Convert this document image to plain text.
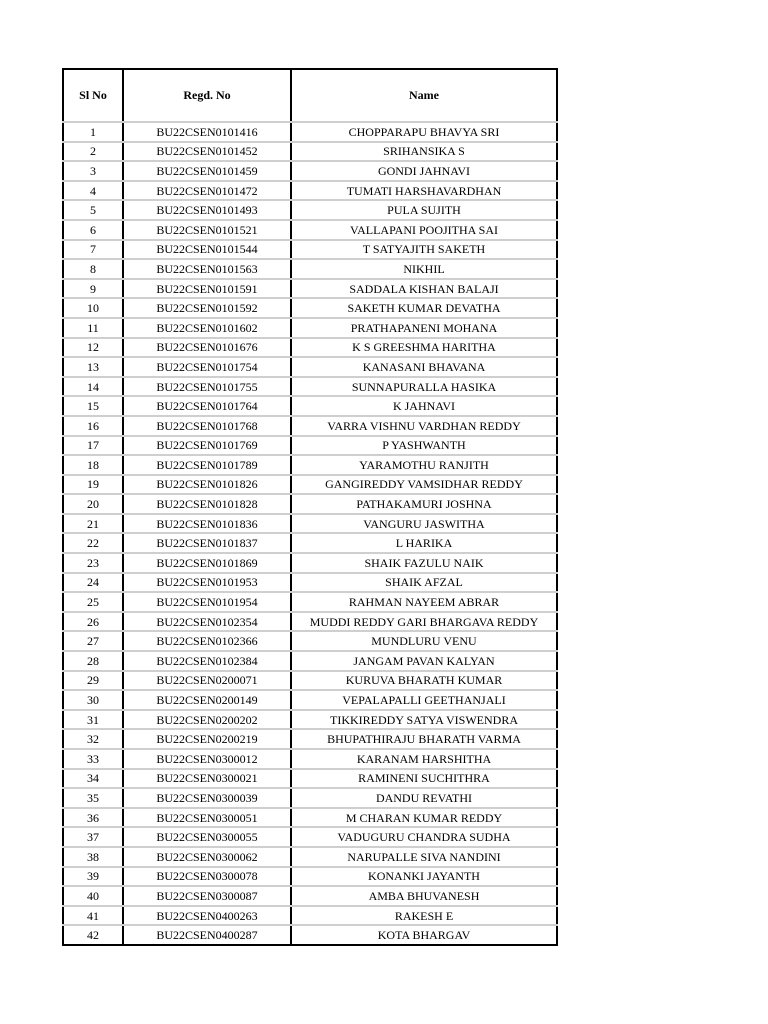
Sl No	Regd. No	Name
1	BU22CSEN0101416	CHOPPARAPU BHAVYA SRI
2	BU22CSEN0101452	SRIHANSIKA S
3	BU22CSEN0101459	GONDI JAHNAVI
4	BU22CSEN0101472	TUMATI HARSHAVARDHAN
5	BU22CSEN0101493	PULA SUJITH
6	BU22CSEN0101521	VALLAPANI POOJITHA SAI
7	BU22CSEN0101544	T SATYAJITH SAKETH
8	BU22CSEN0101563	NIKHIL
9	BU22CSEN0101591	SADDALA KISHAN BALAJI
10	BU22CSEN0101592	SAKETH KUMAR DEVATHA
11	BU22CSEN0101602	PRATHAPANENI MOHANA
12	BU22CSEN0101676	K S GREESHMA HARITHA
13	BU22CSEN0101754	KANASANI BHAVANA
14	BU22CSEN0101755	SUNNAPURALLA HASIKA
15	BU22CSEN0101764	K JAHNAVI
16	BU22CSEN0101768	VARRA VISHNU VARDHAN REDDY
17	BU22CSEN0101769	P YASHWANTH
18	BU22CSEN0101789	YARAMOTHU RANJITH
19	BU22CSEN0101826	GANGIREDDY VAMSIDHAR REDDY
20	BU22CSEN0101828	PATHAKAMURI JOSHNA
21	BU22CSEN0101836	VANGURU JASWITHA
22	BU22CSEN0101837	L HARIKA
23	BU22CSEN0101869	SHAIK FAZULU NAIK
24	BU22CSEN0101953	SHAIK AFZAL
25	BU22CSEN0101954	RAHMAN NAYEEM ABRAR
26	BU22CSEN0102354	MUDDI REDDY GARI BHARGAVA REDDY
27	BU22CSEN0102366	MUNDLURU VENU
28	BU22CSEN0102384	JANGAM PAVAN KALYAN
29	BU22CSEN0200071	KURUVA BHARATH KUMAR
30	BU22CSEN0200149	VEPALAPALLI GEETHANJALI
31	BU22CSEN0200202	TIKKIREDDY SATYA VISWENDRA
32	BU22CSEN0200219	BHUPATHIRAJU BHARATH VARMA
33	BU22CSEN0300012	KARANAM HARSHITHA
34	BU22CSEN0300021	RAMINENI SUCHITHRA
35	BU22CSEN0300039	DANDU REVATHI
36	BU22CSEN0300051	M CHARAN KUMAR REDDY
37	BU22CSEN0300055	VADUGURU CHANDRA SUDHA
38	BU22CSEN0300062	NARUPALLE SIVA NANDINI
39	BU22CSEN0300078	KONANKI JAYANTH
40	BU22CSEN0300087	AMBA BHUVANESH
41	BU22CSEN0400263	RAKESH E
42	BU22CSEN0400287	KOTA BHARGAV
